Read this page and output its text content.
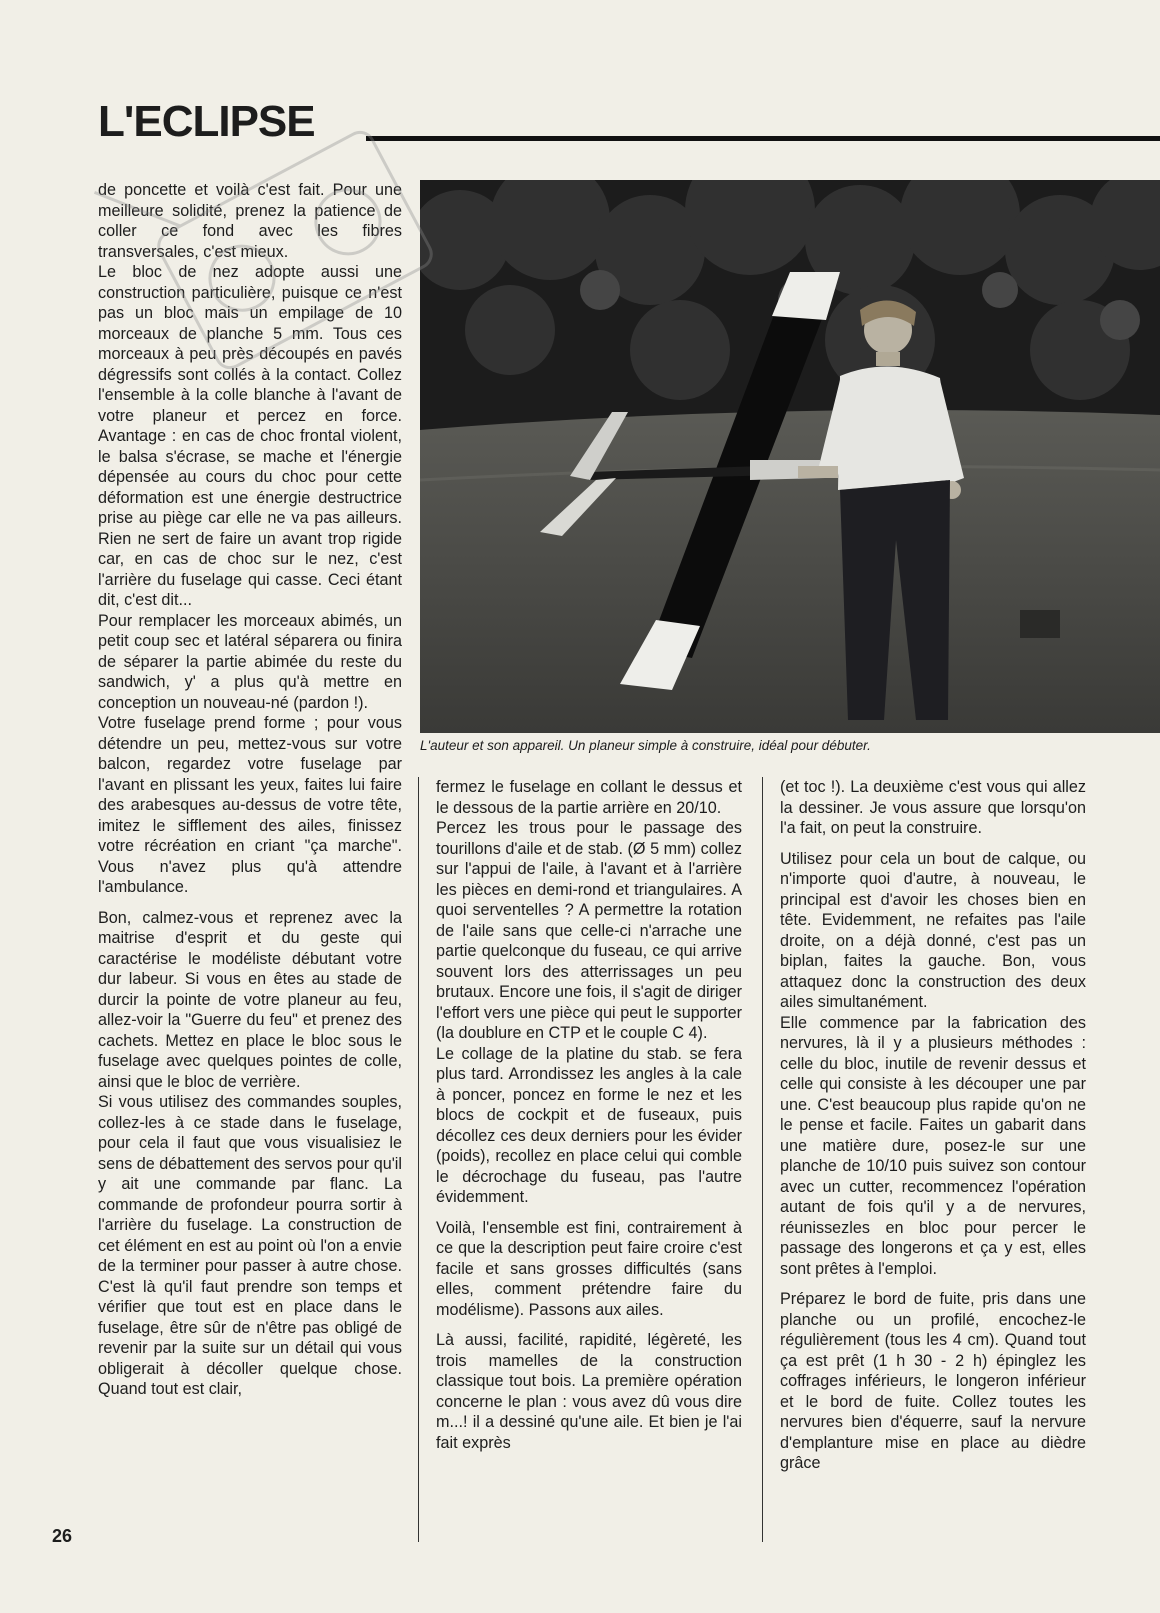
L'ECLIPSE
L'auteur et son appareil. Un planeur simple à construire, idéal pour débuter.

de poncette et voilà c'est fait. Pour une meilleure solidité, prenez la patience de coller ce fond avec les fibres transversales, c'est mieux.

Le bloc de nez adopte aussi une construction particulière, puisque ce n'est pas un bloc mais un empilage de 10 morceaux de planche 5 mm. Tous ces morceaux à peu près découpés en pavés dégressifs sont collés à la contact. Collez l'ensemble à la colle blanche à l'avant de votre planeur et percez en force. Avantage : en cas de choc frontal violent, le balsa s'écrase, se mache et l'énergie dépensée au cours du choc pour cette déformation est une énergie destructrice prise au piège car elle ne va pas ailleurs. Rien ne sert de faire un avant trop rigide car, en cas de choc sur le nez, c'est l'arrière du fuselage qui casse. Ceci étant dit, c'est dit...

Pour remplacer les morceaux abimés, un petit coup sec et latéral séparera ou finira de séparer la partie abimée du reste du sandwich, y' a plus qu'à mettre en conception un nouveau-né (pardon !).

Votre fuselage prend forme ; pour vous détendre un peu, mettez-vous sur votre balcon, regardez votre fuselage par l'avant en plissant les yeux, faites lui faire des arabesques au-dessus de votre tête, imitez le sifflement des ailes, finissez votre récréation en criant "ça marche". Vous n'avez plus qu'à attendre l'ambulance.

Bon, calmez-vous et reprenez avec la maitrise d'esprit et du geste qui caractérise le modéliste débutant votre dur labeur. Si vous en êtes au stade de durcir la pointe de votre planeur au feu, allez-voir la "Guerre du feu" et prenez des cachets. Mettez en place le bloc sous le fuselage avec quelques pointes de colle, ainsi que le bloc de verrière.

Si vous utilisez des commandes souples, collez-les à ce stade dans le fuselage, pour cela il faut que vous visualisiez le sens de débattement des servos pour qu'il y ait une commande par flanc. La commande de profondeur pourra sortir à l'arrière du fuselage. La construction de cet élément en est au point où l'on a envie de la terminer pour passer à autre chose. C'est là qu'il faut prendre son temps et vérifier que tout est en place dans le fuselage, être sûr de n'être pas obligé de revenir par la suite sur un détail qui vous obligerait à décoller quelque chose. Quand tout est clair,

fermez le fuselage en collant le dessus et le dessous de la partie arrière en 20/10.

Percez les trous pour le passage des tourillons d'aile et de stab. (Ø 5 mm) collez sur l'appui de l'aile, à l'avant et à l'arrière les pièces en demi-rond et triangulaires. A quoi serventelles ? A permettre la rotation de l'aile sans que celle-ci n'arrache une partie quelconque du fuseau, ce qui arrive souvent lors des atterrissages un peu brutaux. Encore une fois, il s'agit de diriger l'effort vers une pièce qui peut le supporter (la doublure en CTP et le couple C 4).

Le collage de la platine du stab. se fera plus tard. Arrondissez les angles à la cale à poncer, poncez en forme le nez et les blocs de cockpit et de fuseaux, puis décollez ces deux derniers pour les évider (poids), recollez en place celui qui comble le décrochage du fuseau, pas l'autre évidemment.

Voilà, l'ensemble est fini, contrairement à ce que la description peut faire croire c'est facile et sans grosses difficultés (sans elles, comment prétendre faire du modélisme). Passons aux ailes.

Là aussi, facilité, rapidité, légèreté, les trois mamelles de la construction classique tout bois. La première opération concerne le plan : vous avez dû vous dire m...! il a dessiné qu'une aile. Et bien je l'ai fait exprès

(et toc !). La deuxième c'est vous qui allez la dessiner. Je vous assure que lorsqu'on l'a fait, on peut la construire.

Utilisez pour cela un bout de calque, ou n'importe quoi d'autre, à nouveau, le principal est d'avoir les choses bien en tête. Evidemment, ne refaites pas l'aile droite, on a déjà donné, c'est pas un biplan, faites la gauche. Bon, vous attaquez donc la construction des deux ailes simultanément.

Elle commence par la fabrication des nervures, là il y a plusieurs méthodes : celle du bloc, inutile de revenir dessus et celle qui consiste à les découper une par une. C'est beaucoup plus rapide qu'on ne le pense et facile. Faites un gabarit dans une matière dure, posez-le sur une planche de 10/10 puis suivez son contour avec un cutter, recommencez l'opération autant de fois qu'il y a de nervures, réunissezles en bloc pour percer le passage des longerons et ça y est, elles sont prêtes à l'emploi.

Préparez le bord de fuite, pris dans une planche ou un profilé, encochez-le régulièrement (tous les 4 cm). Quand tout ça est prêt (1 h 30 - 2 h) épinglez les coffrages inférieurs, le longeron inférieur et le bord de fuite. Collez toutes les nervures bien d'équerre, sauf la nervure d'emplanture mise en place au dièdre grâce

26
